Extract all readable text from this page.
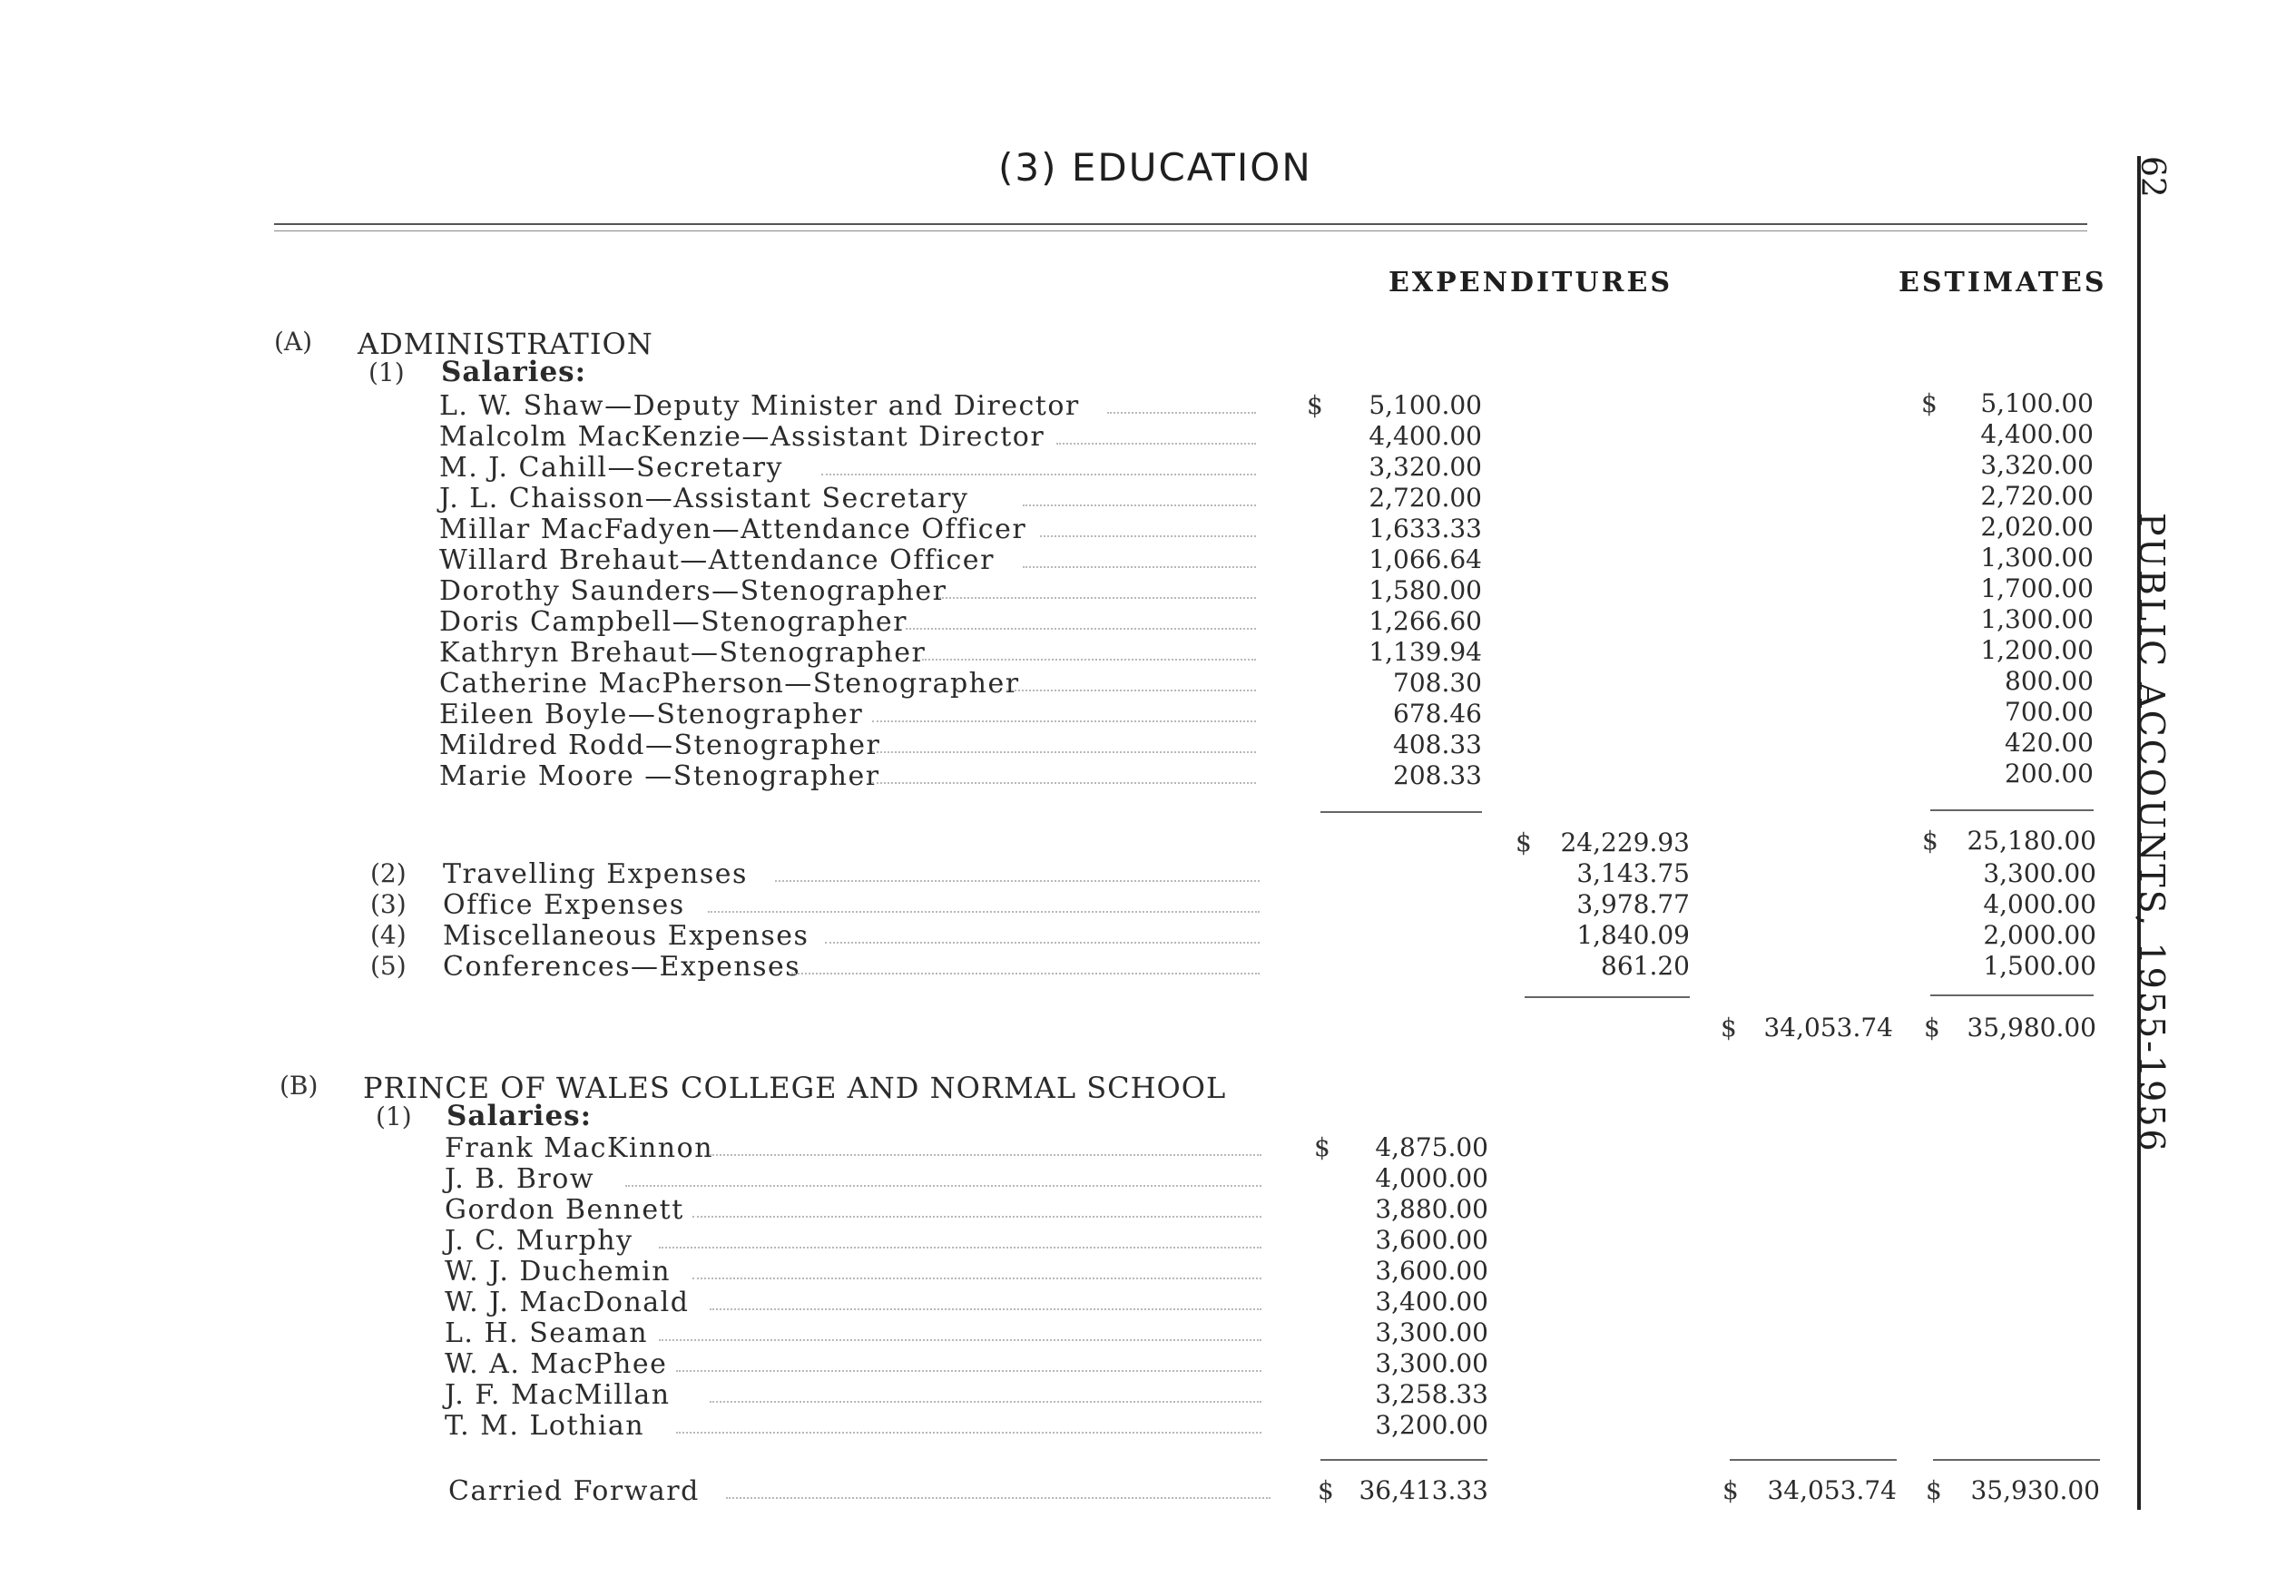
(3) EDUCATION
EXPENDITURES	ESTIMATES
62
PUBLIC ACCOUNTS, 1955-1956
(A) ADMINISTRATION
(1) Salaries:
L. W. Shaw—Deputy Minister and Director	$	5,100.00	$	5,100.00
Malcolm MacKenzie—Assistant Director	4,400.00	4,400.00
M. J. Cahill—Secretary	3,320.00	3,320.00
J. L. Chaisson—Assistant Secretary	2,720.00	2,720.00
Millar MacFadyen—Attendance Officer	1,633.33	2,020.00
Willard Brehaut—Attendance Officer	1,066.64	1,300.00
Dorothy Saunders—Stenographer	1,580.00	1,700.00
Doris Campbell—Stenographer	1,266.60	1,300.00
Kathryn Brehaut—Stenographer	1,139.94	1,200.00
Catherine MacPherson—Stenographer	708.30	800.00
Eileen Boyle—Stenographer	678.46	700.00
Mildred Rodd—Stenographer	408.33	420.00
Marie Moore —Stenographer	208.33	200.00
$	24,229.93	$	25,180.00
(2) Travelling Expenses	3,143.75	3,300.00
(3) Office Expenses	3,978.77	4,000.00
(4) Miscellaneous Expenses	1,840.09	2,000.00
(5) Conferences—Expenses	861.20	1,500.00
$	34,053.74 $	35,980.00
(B) PRINCE OF WALES COLLEGE AND NORMAL SCHOOL
(1) Salaries:
Frank MacKinnon	$	4,875.00
J. B. Brow	4,000.00
Gordon Bennett	3,880.00
J. C. Murphy	3,600.00
W. J. Duchemin	3,600.00
W. J. MacDonald	3,400.00
L. H. Seaman	3,300.00
W. A. MacPhee	3,300.00
J. F. MacMillan	3,258.33
T. M. Lothian	3,200.00
Carried Forward	$ 36,413.33	$	34,053.74 $	35,930.00
